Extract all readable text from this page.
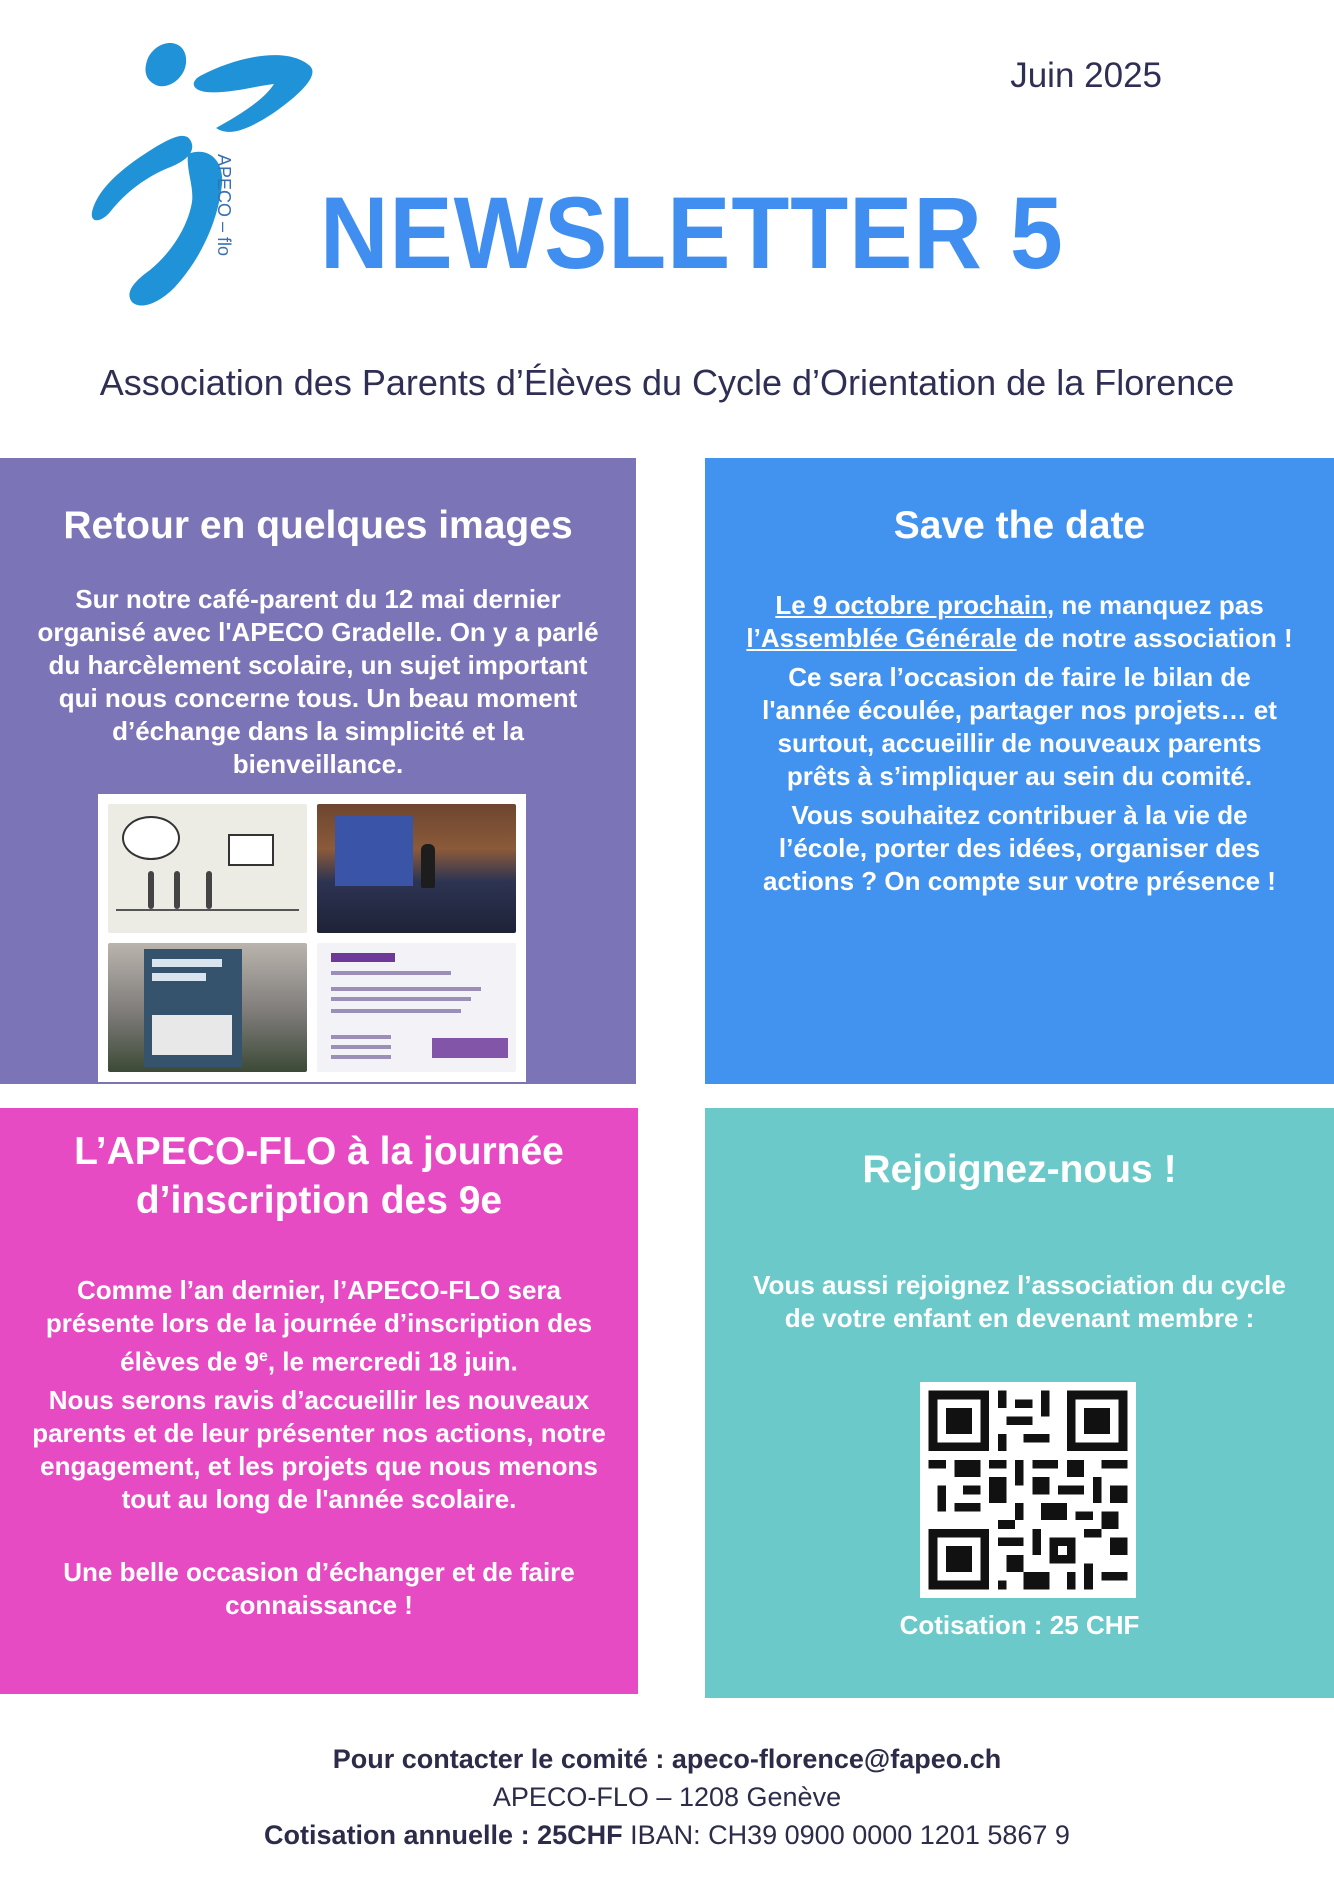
APECO – flo
Juin 2025
NEWSLETTER 5
Association des Parents d’Élèves du Cycle d’Orientation de la Florence
Retour en quelques images

Sur notre café-parent du 12 mai dernier organisé avec l'APECO Gradelle. On y a parlé du harcèlement scolaire, un sujet important qui nous concerne tous. Un beau moment d’échange dans la simplicité et la bienveillance.

Save the date

Le 9 octobre prochain, ne manquez pas l’Assemblée Générale de notre association !

Ce sera l’occasion de faire le bilan de l'année écoulée, partager nos projets… et surtout, accueillir de nouveaux parents prêts à s’impliquer au sein du comité.

Vous souhaitez contribuer à la vie de l’école, porter des idées, organiser des actions ? On compte sur votre présence !

L’APECO-FLO à la journée d’inscription des 9e

Comme l’an dernier, l’APECO-FLO sera présente lors de la journée d’inscription des élèves de 9e, le mercredi 18 juin.

Nous serons ravis d’accueillir les nouveaux parents et de leur présenter nos actions, notre engagement, et les projets que nous menons tout au long de l'année scolaire.

Une belle occasion d’échanger et de faire connaissance !

Rejoignez-nous !

Vous aussi rejoignez l’association du cycle de votre enfant en devenant membre :

Cotisation : 25 CHF
Pour contacter le comité : apeco-florence@fapeo.ch
APECO-FLO – 1208 Genève
Cotisation annuelle : 25CHF IBAN: CH39 0900 0000 1201 5867 9
